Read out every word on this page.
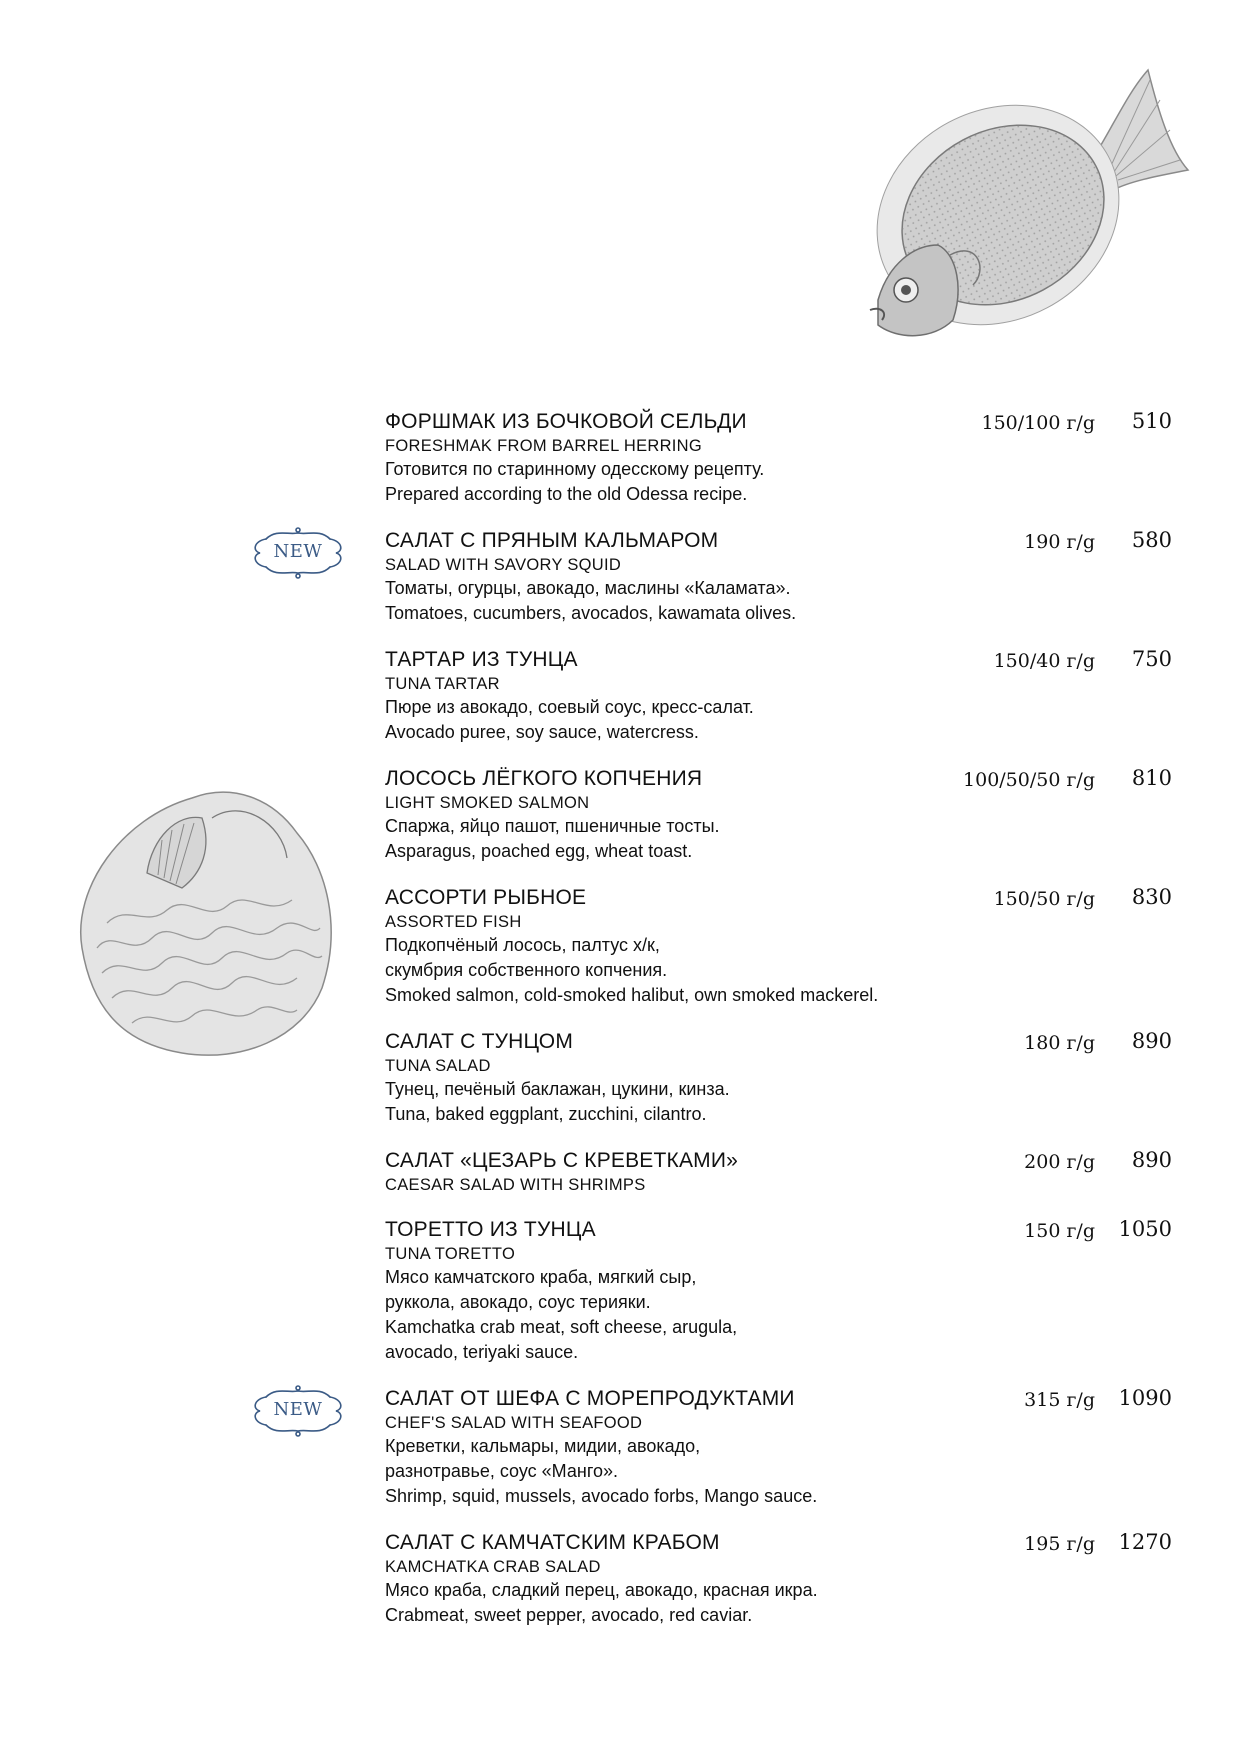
ФОРШМАК ИЗ БОЧКОВОЙ СЕЛЬДИ
FORESHMAK FROM BARREL HERRING
Готовится по старинному одесскому рецепту.
Prepared according to the old Odessa recipe.
150/100 г/g 510
NEW	САЛАТ С ПРЯНЫМ КАЛЬМАРОМ
SALAD WITH SAVORY SQUID
Томаты, огурцы, авокадо, маслины «Каламата».
Tomatoes, cucumbers, avocados, kawamata olives.
190 г/g 580
ТАРТАР ИЗ ТУНЦА
TUNA TARTAR
Пюре из авокадо, соевый соус, кресс-салат.
Avocado puree, soy sauce, watercress.
150/40 г/g 750
ЛОСОСЬ ЛЁГКОГО КОПЧЕНИЯ
LIGHT SMOKED SALMON
Спаржа, яйцо пашот, пшеничные тосты.
Asparagus, poached egg, wheat toast.
100/50/50 г/g 810
АССОРТИ РЫБНОЕ
ASSORTED FISH
Подкопчёный лосось, палтус х/к,
скумбрия собственного копчения.
Smoked salmon, cold-smoked halibut, own smoked mackerel.
150/50 г/g 830
САЛАТ С ТУНЦОМ
TUNA SALAD
Тунец, печёный баклажан, цукини, кинза.
Tuna, baked eggplant, zucchini, cilantro.
180 г/g 890
САЛАТ «ЦЕЗАРЬ С КРЕВЕТКАМИ»
CAESAR SALAD WITH SHRIMPS
200 г/g 890
ТОРЕТТО ИЗ ТУНЦА
TUNA TORETTO
Мясо камчатского краба, мягкий сыр,
руккола, авокадо, соус терияки.
Kamchatka crab meat, soft cheese, arugula,
avocado, teriyaki sauce.
150 г/g 1050
NEW	САЛАТ ОТ ШЕФА С МОРЕПРОДУКТАМИ
CHEF'S SALAD WITH SEAFOOD
Креветки, кальмары, мидии, авокадо,
разнотравье, соус «Манго».
Shrimp, squid, mussels, avocado forbs, Mango sauce.
315 г/g 1090
САЛАТ С КАМЧАТСКИМ КРАБОМ
KAMCHATKA CRAB SALAD
Мясо краба, сладкий перец, авокадо, красная икра.
Crabmeat, sweet pepper, avocado, red caviar.
195 г/g 1270
